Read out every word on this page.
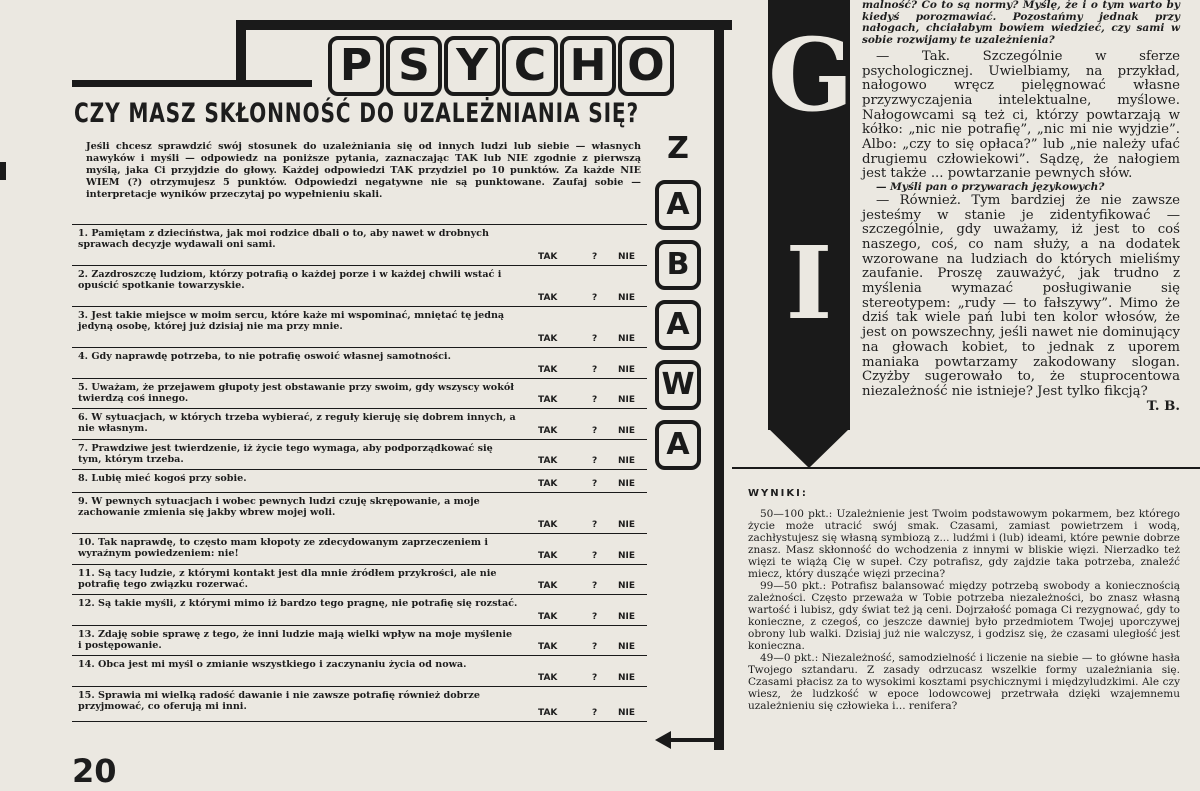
P S Y C H O
CZY MASZ SKŁONNOŚĆ DO UZALEŻNIANIA SIĘ?
Jeśli chcesz sprawdzić swój stosunek do uzależniania się od innych ludzi lub siebie — własnych nawyków i myśli — odpowiedz na poniższe pytania, zaznaczając TAK lub NIE zgodnie z pierwszą myślą, jaka Ci przyjdzie do głowy. Każdej odpowiedzi TAK przydziel po 10 punktów. Za każde NIE WIEM (?) otrzymujesz 5 punktów. Odpowiedzi negatywne nie są punktowane. Zaufaj sobie — interpretacje wyników przeczytaj po wypełnieniu skali.
Z
A
B
A
W
A
1. Pamiętam z dzieciństwa, jak moi rodzice dbali o to, aby nawet w drobnych sprawach decyzje wydawali oni sami.
TAK	? NIE
2. Zazdroszczę ludziom, którzy potrafią o każdej porze i w każdej chwili wstać i opuścić spotkanie towarzyskie.
TAK	? NIE
3. Jest takie miejsce w moim sercu, które każe mi wspominać, mniętać tę jedną jedyną osobę, której już dzisiaj nie ma przy mnie.
TAK	? NIE
4. Gdy naprawdę potrzeba, to nie potrafię oswoić własnej samotności.
TAK	? NIE
5. Uważam, że przejawem głupoty jest obstawanie przy swoim, gdy wszyscy wokół twierdzą coś innego.	TAK	? NIE
6. W sytuacjach, w których trzeba wybierać, z reguły kieruję się dobrem innych, a nie własnym.	TAK	? NIE
7. Prawdziwe jest twierdzenie, iż życie tego wymaga, aby podporządkować się tym, którym trzeba.	TAK	? NIE
8. Lubię mieć kogoś przy sobie.	TAK	? NIE
9. W pewnych sytuacjach i wobec pewnych ludzi czuję skrępowanie, a moje zachowanie zmienia się jakby wbrew mojej woli.
TAK	? NIE
10. Tak naprawdę, to często mam kłopoty ze zdecydowanym zaprzeczeniem i wyraźnym powiedzeniem: nie!	TAK	? NIE
11. Są tacy ludzie, z którymi kontakt jest dla mnie źródłem przykrości, ale nie potrafię tego związku rozerwać.	TAK	? NIE
12. Są takie myśli, z którymi mimo iż bardzo tego pragnę, nie potrafię się rozstać.
TAK	? NIE
13. Zdaję sobie sprawę z tego, że inni ludzie mają wielki wpływ na moje myślenie i postępowanie.	TAK	? NIE
14. Obca jest mi myśl o zmianie wszystkiego i zaczynaniu życia od nowa.
TAK	? NIE
15. Sprawia mi wielką radość dawanie i nie zawsze potrafię również dobrze przyjmować, co oferują mi inni.
TAK	? NIE
20
G
I

malność? Co to są normy? Myślę, że i o tym warto by kiedyś porozmawiać. Pozostańmy jednak przy nałogach, chciałabym bowiem wiedzieć, czy sami w sobie rozwijamy te uzależnienia?

— Tak. Szczególnie w sferze psychologicznej. Uwielbiamy, na przykład, nałogowo wręcz pielęgnować własne przyzwyczajenia intelektualne, myślowe. Nałogowcami są też ci, którzy powtarzają w kółko: „nic nie potrafię”, „nic mi nie wyjdzie”. Albo: „czy to się opłaca?” lub „nie należy ufać drugiemu człowiekowi”. Sądzę, że nałogiem jest także ... powtarzanie pewnych słów.

— Myśli pan o przywarach językowych?

— Również. Tym bardziej że nie zawsze jesteśmy w stanie je zidentyfikować — szczególnie, gdy uważamy, iż jest to coś naszego, coś, co nam służy, a na dodatek wzorowane na ludziach do których mieliśmy zaufanie. Proszę zauważyć, jak trudno z myślenia wymazać posługiwanie się stereotypem: „rudy — to fałszywy”. Mimo że dziś tak wiele pań lubi ten kolor włosów, że jest on powszechny, jeśli nawet nie dominujący na głowach kobiet, to jednak z uporem maniaka powtarzamy zakodowany slogan. Czyżby sugerowało to, że stuprocentowa niezależność nie istnieje? Jest tylko fikcją?

T. B.

WYNIKI:

50—100 pkt.: Uzależnienie jest Twoim podstawowym pokarmem, bez którego życie może utracić swój smak. Czasami, zamiast powietrzem i wodą, zachłystujesz się własną symbiozą z... ludźmi i (lub) ideami, które pewnie dobrze znasz. Masz skłonność do wchodzenia z innymi w bliskie więzi. Nierzadko też więzi te wiążą Cię w supeł. Czy potrafisz, gdy zajdzie taka potrzeba, znaleźć miecz, który dusząće więzi przecina?

99—50 pkt.: Potrafisz balansować między potrzebą swobody a koniecznością zależności. Często przeważa w Tobie potrzeba niezależności, bo znasz własną wartość i lubisz, gdy świat też ją ceni. Dojrzałość pomaga Ci rezygnować, gdy to konieczne, z czegoś, co jeszcze dawniej było przedmiotem Twojej uporczywej obrony lub walki. Dzisiaj już nie walczysz, i godzisz się, że czasami uległość jest konieczna.

49—0 pkt.: Niezależność, samodzielność i liczenie na siebie — to główne hasła Twojego sztandaru. Z zasady odrzucasz wszelkie formy uzależniania się. Czasami płacisz za to wysokimi kosztami psychicznymi i międzyludzkimi. Ale czy wiesz, że ludzkość w epoce lodowcowej przetrwała dzięki wzajemnemu uzależnieniu się człowieka i... renifera?
